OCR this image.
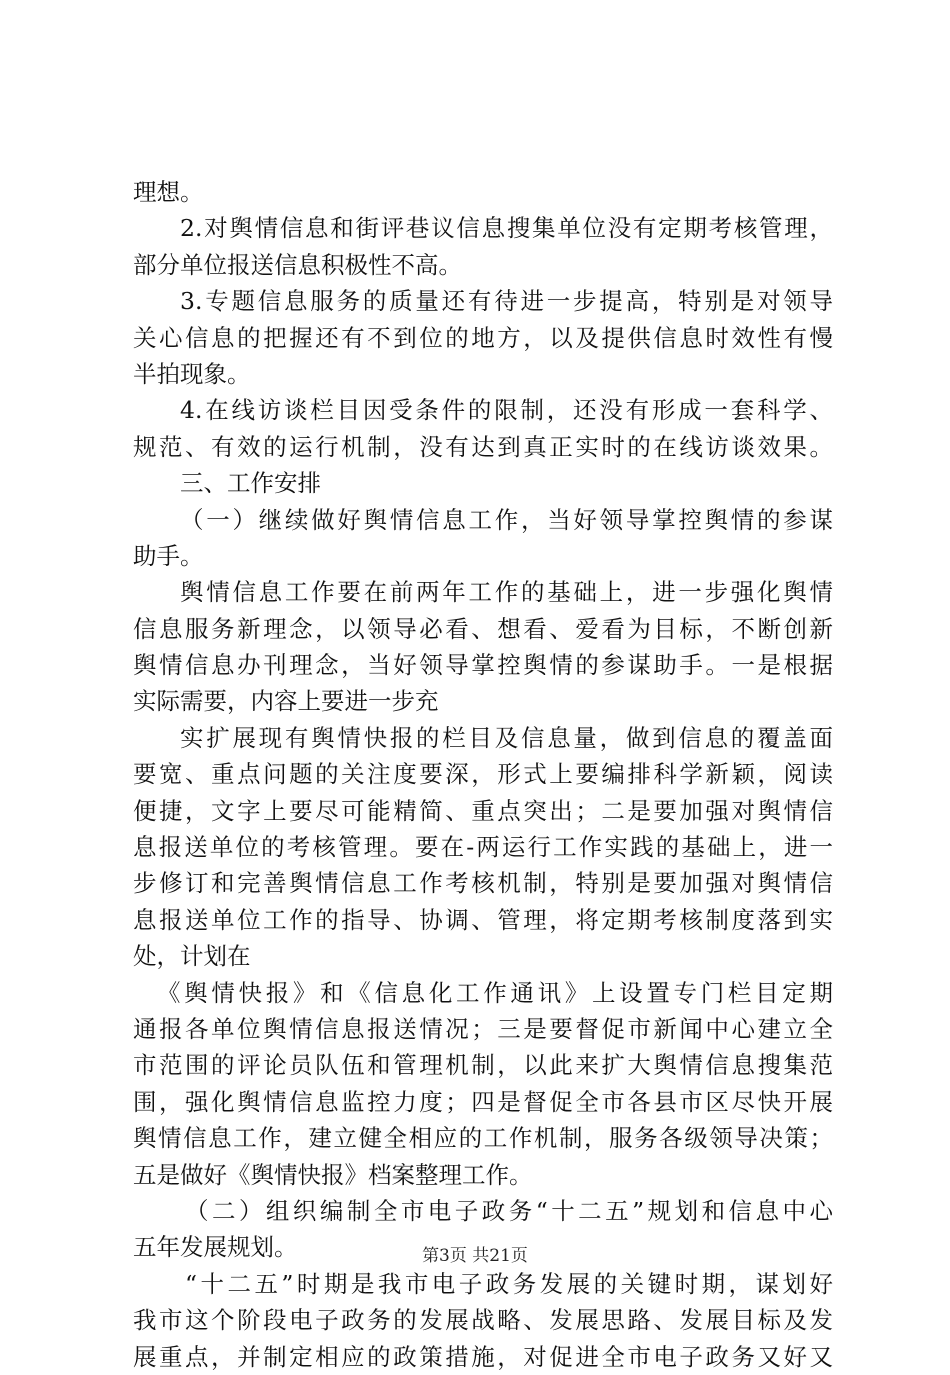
理想。
2.对舆情信息和街评巷议信息搜集单位没有定期考核管理，
部分单位报送信息积极性不高。
3.专题信息服务的质量还有待进一步提高，特别是对领导
关心信息的把握还有不到位的地方，以及提供信息时效性有慢
半拍现象。
4.在线访谈栏目因受条件的限制，还没有形成一套科学、
规范、有效的运行机制，没有达到真正实时的在线访谈效果。
三、工作安排
（一）继续做好舆情信息工作，当好领导掌控舆情的参谋
助手。
舆情信息工作要在前两年工作的基础上，进一步强化舆情
信息服务新理念，以领导必看、想看、爱看为目标，不断创新
舆情信息办刊理念，当好领导掌控舆情的参谋助手。一是根据
实际需要，内容上要进一步充
实扩展现有舆情快报的栏目及信息量，做到信息的覆盖面
要宽、重点问题的关注度要深，形式上要编排科学新颖，阅读
便捷，文字上要尽可能精简、重点突出；二是要加强对舆情信
息报送单位的考核管理。要在-两运行工作实践的基础上，进一
步修订和完善舆情信息工作考核机制，特别是要加强对舆情信
息报送单位工作的指导、协调、管理，将定期考核制度落到实
处，计划在
《舆情快报》和《信息化工作通讯》上设置专门栏目定期
通报各单位舆情信息报送情况；三是要督促市新闻中心建立全
市范围的评论员队伍和管理机制，以此来扩大舆情信息搜集范
围，强化舆情信息监控力度；四是督促全市各县市区尽快开展
舆情信息工作，建立健全相应的工作机制，服务各级领导决策；
五是做好《舆情快报》档案整理工作。
（二）组织编制全市电子政务“十二五”规划和信息中心
五年发展规划。
“十二五”时期是我市电子政务发展的关键时期，谋划好
我市这个阶段电子政务的发展战略、发展思路、发展目标及发
展重点，并制定相应的政策措施，对促进全市电子政务又好又
第3页 共21页
